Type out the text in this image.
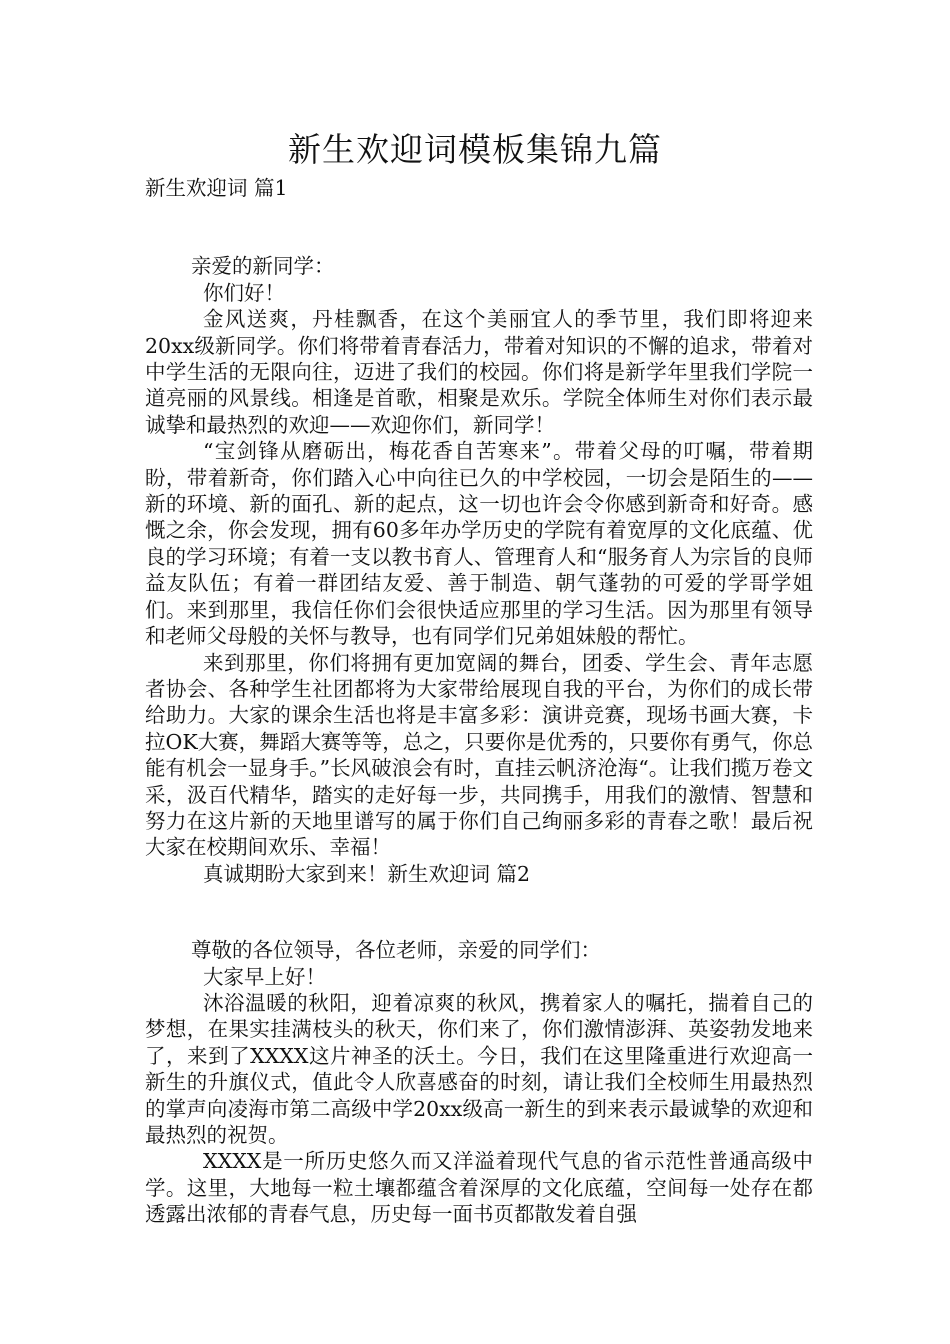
新生欢迎词模板集锦九篇

新生欢迎词 篇1

亲爱的新同学：

你们好！

金风送爽，丹桂飘香，在这个美丽宜人的季节里，我们即将迎来20xx级新同学。你们将带着青春活力，带着对知识的不懈的追求，带着对中学生活的无限向往，迈进了我们的校园。你们将是新学年里我们学院一道亮丽的风景线。相逢是首歌，相聚是欢乐。学院全体师生对你们表示最诚挚和最热烈的欢迎——欢迎你们，新同学！

“宝剑锋从磨砺出，梅花香自苦寒来”。带着父母的叮嘱，带着期盼，带着新奇，你们踏入心中向往已久的中学校园，一切会是陌生的——新的环境、新的面孔、新的起点，这一切也许会令你感到新奇和好奇。感慨之余，你会发现，拥有60多年办学历史的学院有着宽厚的文化底蕴、优良的学习环境；有着一支以教书育人、管理育人和“服务育人为宗旨的良师益友队伍；有着一群团结友爱、善于制造、朝气蓬勃的可爱的学哥学姐们。来到那里，我信任你们会很快适应那里的学习生活。因为那里有领导和老师父母般的关怀与教导，也有同学们兄弟姐妹般的帮忙。

来到那里，你们将拥有更加宽阔的舞台，团委、学生会、青年志愿者协会、各种学生社团都将为大家带给展现自我的平台，为你们的成长带给助力。大家的课余生活也将是丰富多彩：演讲竞赛，现场书画大赛，卡拉OK大赛，舞蹈大赛等等，总之，只要你是优秀的，只要你有勇气，你总能有机会一显身手。”长风破浪会有时，直挂云帆济沧海“。让我们揽万卷文采，汲百代精华，踏实的走好每一步，共同携手，用我们的激情、智慧和努力在这片新的天地里谱写的属于你们自己绚丽多彩的青春之歌！最后祝大家在校期间欢乐、幸福！

真诚期盼大家到来！新生欢迎词 篇2

尊敬的各位领导，各位老师，亲爱的同学们：

大家早上好！

沐浴温暖的秋阳，迎着凉爽的秋风，携着家人的嘱托，揣着自己的梦想，在果实挂满枝头的秋天，你们来了，你们激情澎湃、英姿勃发地来了，来到了XXXX这片神圣的沃土。今日，我们在这里隆重进行欢迎高一新生的升旗仪式，值此令人欣喜感奋的时刻，请让我们全校师生用最热烈的掌声向凌海市第二高级中学20xx级高一新生的到来表示最诚挚的欢迎和最热烈的祝贺。

XXXX是一所历史悠久而又洋溢着现代气息的省示范性普通高级中学。这里，大地每一粒土壤都蕴含着深厚的文化底蕴，空间每一处存在都透露出浓郁的青春气息，历史每一面书页都散发着自强
